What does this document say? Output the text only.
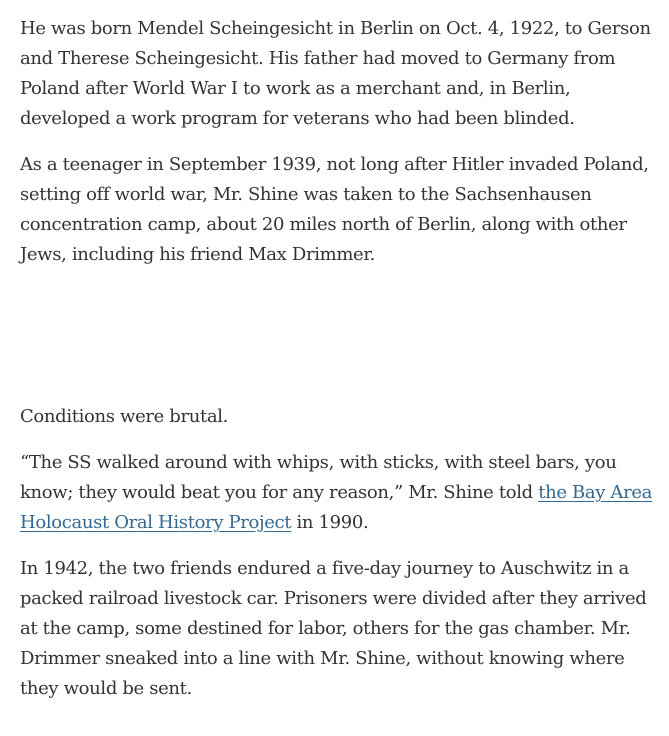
He was born Mendel Scheingesicht in Berlin on Oct. 4, 1922, to Gerson and Therese Scheingesicht. His father had moved to Germany from Poland after World War I to work as a merchant and, in Berlin, developed a work program for veterans who had been blinded.

As a teenager in September 1939, not long after Hitler invaded Poland, setting off world war, Mr. Shine was taken to the Sachsenhausen concentration camp, about 20 miles north of Berlin, along with other Jews, including his friend Max Drimmer.

Conditions were brutal.

“The SS walked around with whips, with sticks, with steel bars, you know; they would beat you for any reason,” Mr. Shine told the Bay Area Holocaust Oral History Project in 1990.

In 1942, the two friends endured a five-day journey to Auschwitz in a packed railroad livestock car. Prisoners were divided after they arrived at the camp, some destined for labor, others for the gas chamber. Mr. Drimmer sneaked into a line with Mr. Shine, without knowing where they would be sent.
